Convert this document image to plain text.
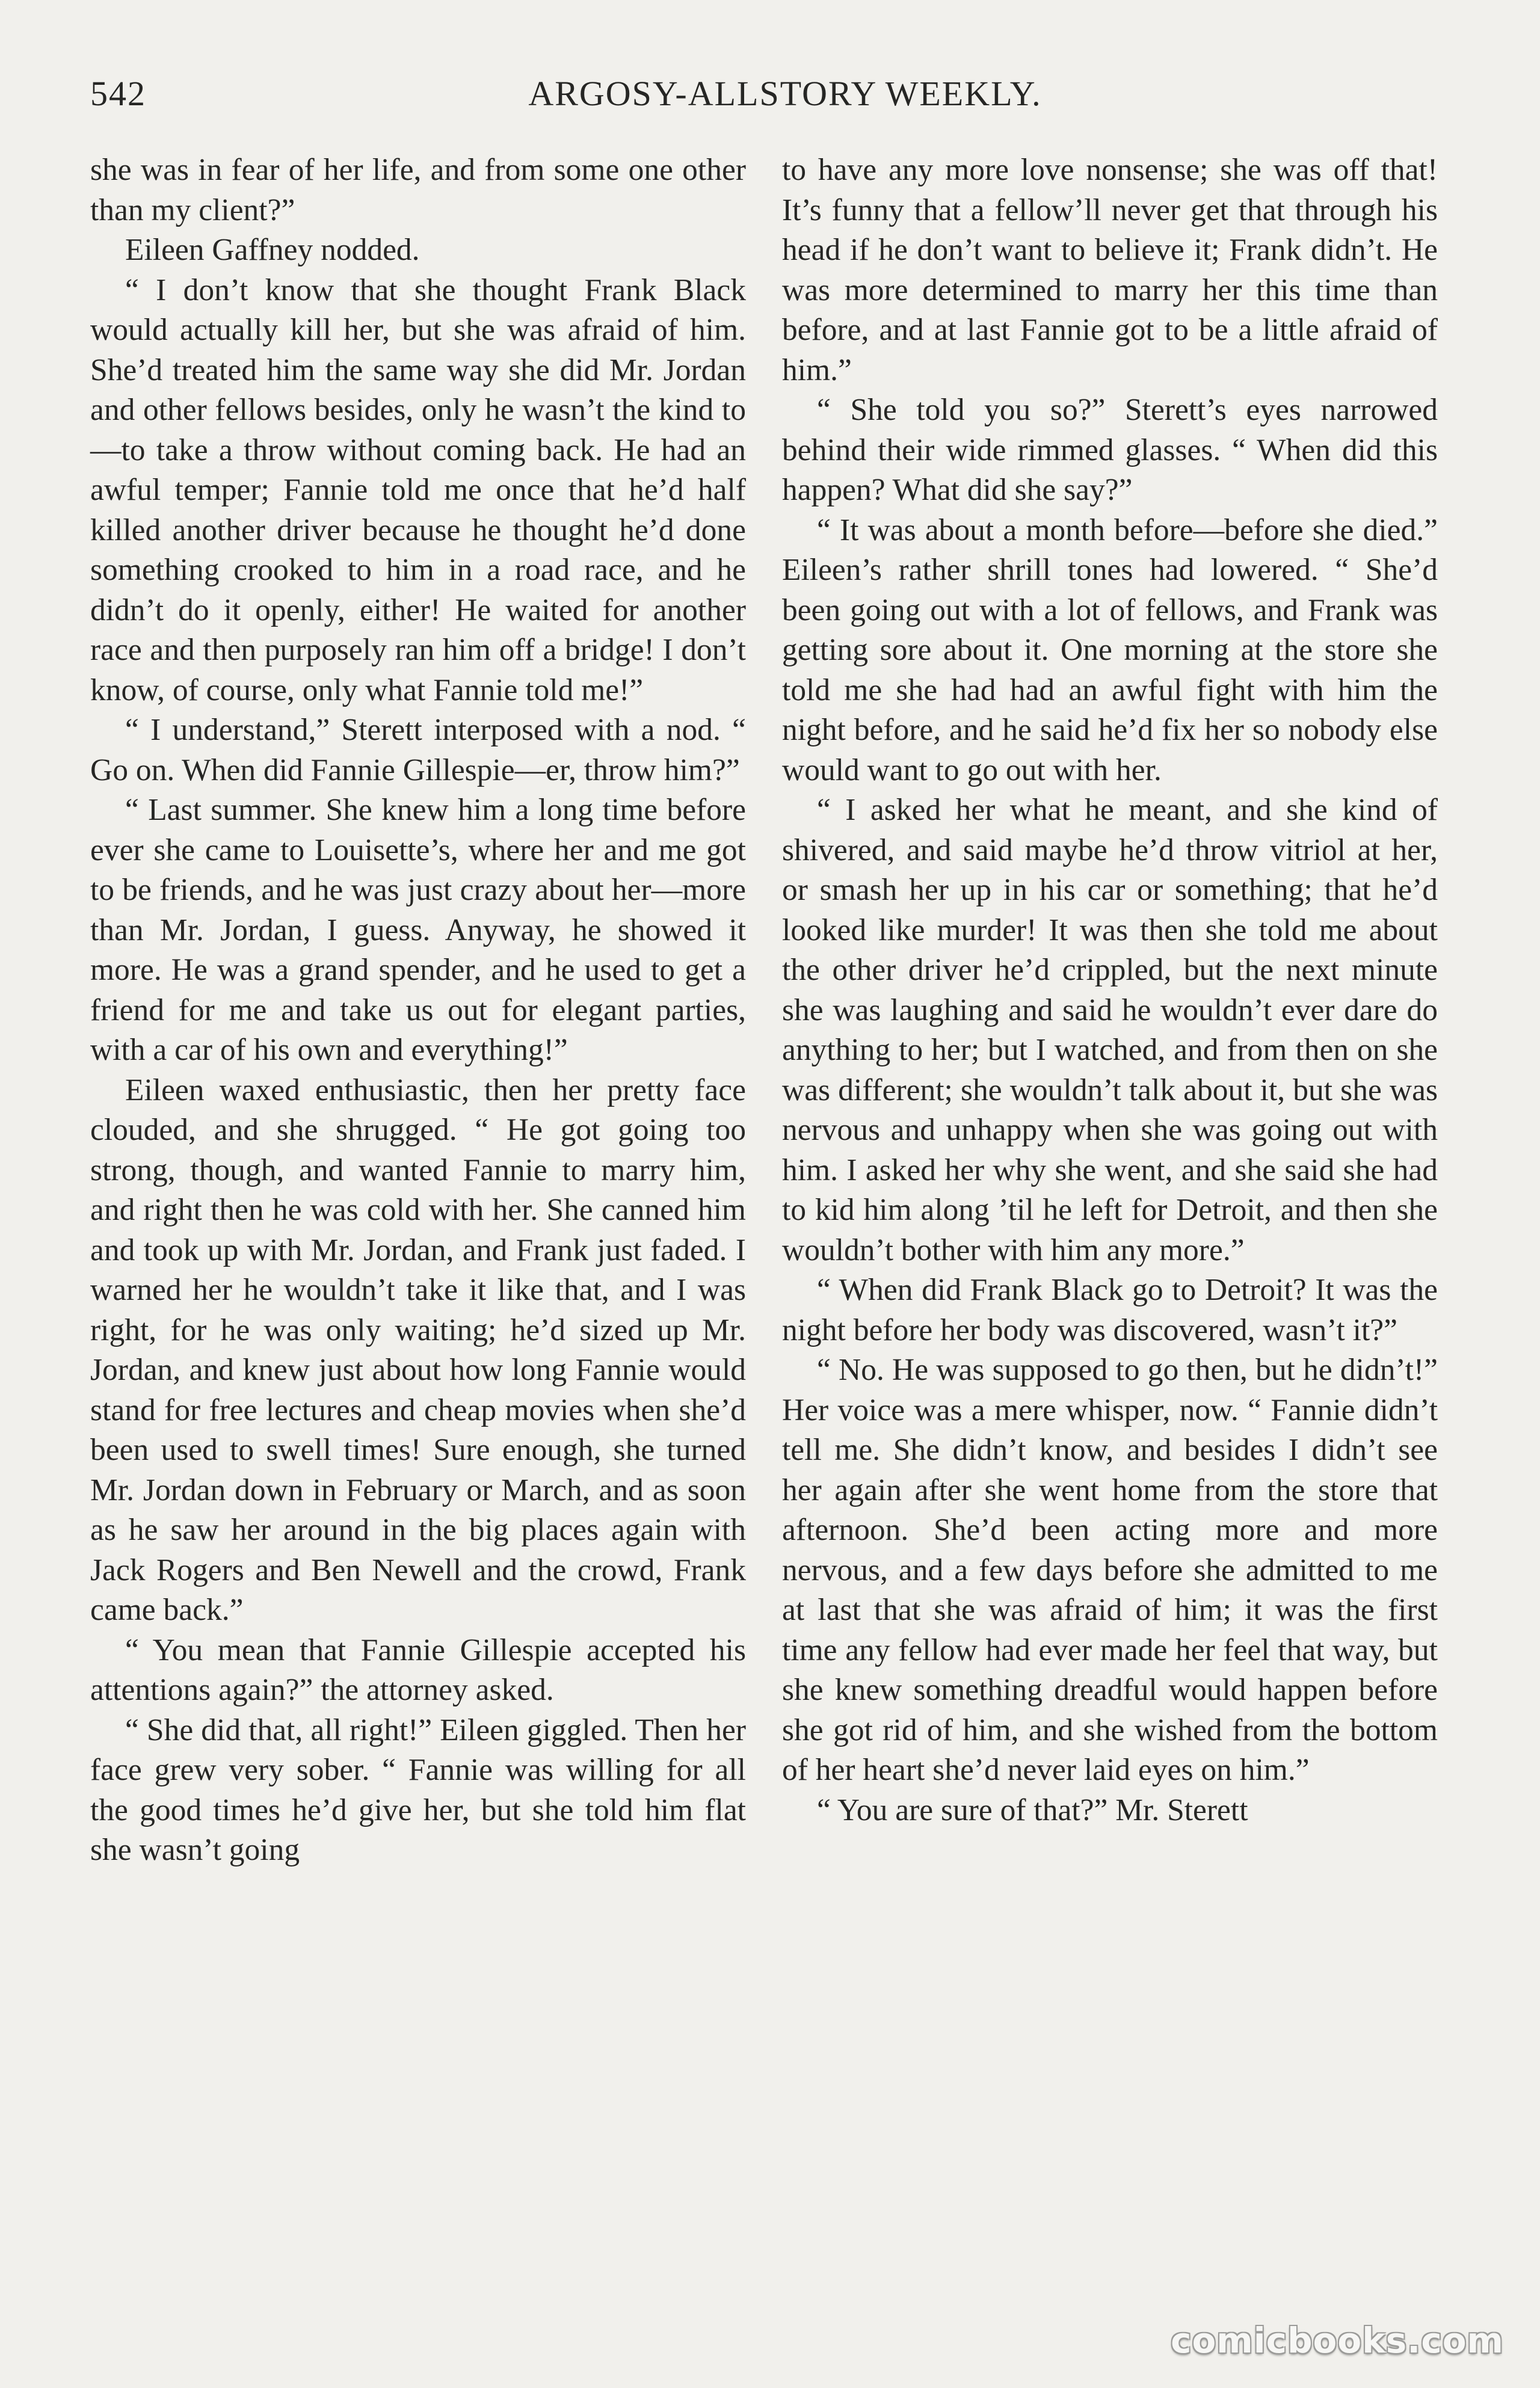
542	ARGOSY-ALLSTORY WEEKLY.

she was in fear of her life, and from some one other than my client?”

Eileen Gaffney nodded.

“ I don’t know that she thought Frank Black would actually kill her, but she was afraid of him. She’d treated him the same way she did Mr. Jordan and other fellows besides, only he wasn’t the kind to—to take a throw without coming back. He had an awful temper; Fannie told me once that he’d half killed another driver because he thought he’d done something crooked to him in a road race, and he didn’t do it openly, either! He waited for another race and then purposely ran him off a bridge! I don’t know, of course, only what Fannie told me!”

“ I understand,” Sterett interposed with a nod. “ Go on. When did Fannie Gillespie—er, throw him?”

“ Last summer. She knew him a long time before ever she came to Louisette’s, where her and me got to be friends, and he was just crazy about her—more than Mr. Jordan, I guess. Anyway, he showed it more. He was a grand spender, and he used to get a friend for me and take us out for elegant parties, with a car of his own and everything!”

Eileen waxed enthusiastic, then her pretty face clouded, and she shrugged. “ He got going too strong, though, and wanted Fannie to marry him, and right then he was cold with her. She canned him and took up with Mr. Jordan, and Frank just faded. I warned her he wouldn’t take it like that, and I was right, for he was only waiting; he’d sized up Mr. Jordan, and knew just about how long Fannie would stand for free lectures and cheap movies when she’d been used to swell times! Sure enough, she turned Mr. Jordan down in February or March, and as soon as he saw her around in the big places again with Jack Rogers and Ben Newell and the crowd, Frank came back.”

“ You mean that Fannie Gillespie accepted his attentions again?” the attorney asked.

“ She did that, all right!” Eileen giggled. Then her face grew very sober. “ Fannie was willing for all the good times he’d give her, but she told him flat she wasn’t going

to have any more love nonsense; she was off that! It’s funny that a fellow’ll never get that through his head if he don’t want to believe it; Frank didn’t. He was more determined to marry her this time than before, and at last Fannie got to be a little afraid of him.”

“ She told you so?” Sterett’s eyes narrowed behind their wide rimmed glasses. “ When did this happen? What did she say?”

“ It was about a month before—before she died.” Eileen’s rather shrill tones had lowered. “ She’d been going out with a lot of fellows, and Frank was getting sore about it. One morning at the store she told me she had had an awful fight with him the night before, and he said he’d fix her so nobody else would want to go out with her.

“ I asked her what he meant, and she kind of shivered, and said maybe he’d throw vitriol at her, or smash her up in his car or something; that he’d looked like murder! It was then she told me about the other driver he’d crippled, but the next minute she was laughing and said he wouldn’t ever dare do anything to her; but I watched, and from then on she was different; she wouldn’t talk about it, but she was nervous and unhappy when she was going out with him. I asked her why she went, and she said she had to kid him along ’til he left for Detroit, and then she wouldn’t bother with him any more.”

“ When did Frank Black go to Detroit? It was the night before her body was discovered, wasn’t it?”

“ No. He was supposed to go then, but he didn’t!” Her voice was a mere whisper, now. “ Fannie didn’t tell me. She didn’t know, and besides I didn’t see her again after she went home from the store that afternoon. She’d been acting more and more nervous, and a few days before she admitted to me at last that she was afraid of him; it was the first time any fellow had ever made her feel that way, but she knew something dreadful would happen before she got rid of him, and she wished from the bottom of her heart she’d never laid eyes on him.”

“ You are sure of that?” Mr. Sterett

comicbooks.com
